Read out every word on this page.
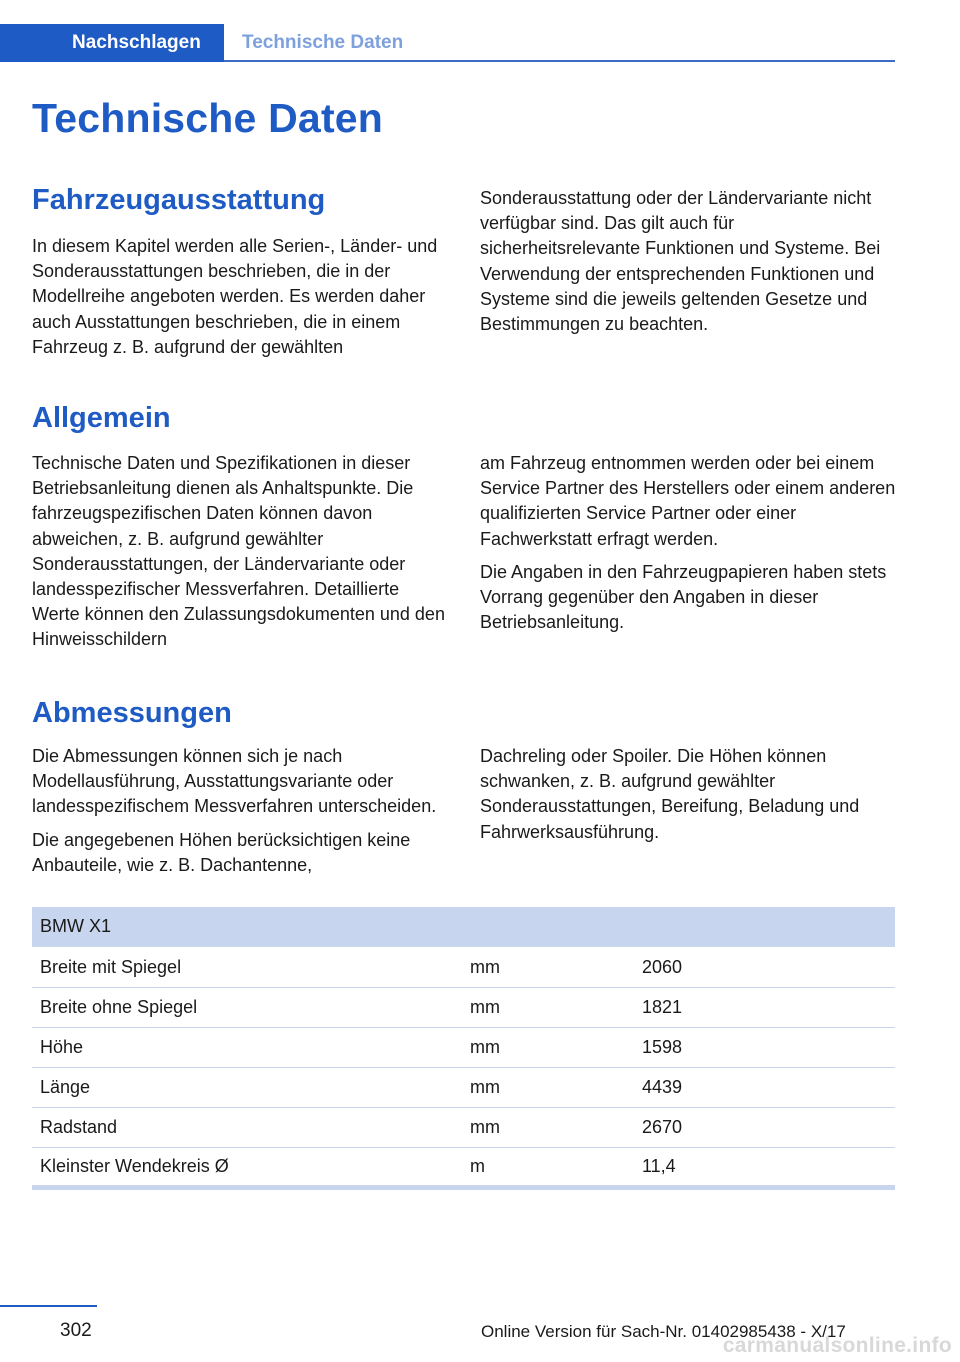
Nachschlagen	Technische Daten
Technische Daten
Fahrzeugausstattung

In diesem Kapitel werden alle Serien-, Länder- und Sonderausstattungen beschrieben, die in der Modellreihe angeboten werden. Es werden daher auch Ausstattungen beschrieben, die in einem Fahrzeug z. B. aufgrund der gewählten

Sonderausstattung oder der Ländervariante nicht verfügbar sind. Das gilt auch für sicherheitsrelevante Funktionen und Systeme. Bei Verwendung der entsprechenden Funktionen und Systeme sind die jeweils geltenden Gesetze und Bestimmungen zu beachten.

Allgemein

Technische Daten und Spezifikationen in dieser Betriebsanleitung dienen als Anhaltspunkte. Die fahrzeugspezifischen Daten können davon abweichen, z. B. aufgrund gewählter Sonderausstattungen, der Ländervariante oder landesspezifischer Messverfahren. Detaillierte Werte können den Zulassungsdokumenten und den Hinweisschildern

am Fahrzeug entnommen werden oder bei einem Service Partner des Herstellers oder einem anderen qualifizierten Service Partner oder einer Fachwerkstatt erfragt werden.

Die Angaben in den Fahrzeugpapieren haben stets Vorrang gegenüber den Angaben in dieser Betriebsanleitung.

Abmessungen

Die Abmessungen können sich je nach Modellausführung, Ausstattungsvariante oder landesspezifischem Messverfahren unterscheiden.

Die angegebenen Höhen berücksichtigen keine Anbauteile, wie z. B. Dachantenne,

Dachreling oder Spoiler. Die Höhen können schwanken, z. B. aufgrund gewählter Sonderausstattungen, Bereifung, Beladung und Fahrwerksausführung.

BMW X1		
Breite mit Spiegel	mm	2060
Breite ohne Spiegel	mm	1821
Höhe	mm	1598
Länge	mm	4439
Radstand	mm	2670
Kleinster Wendekreis Ø	m	11,4
302	Online Version für Sach-Nr. 01402985438 - X/17
carmanualsonline.info
